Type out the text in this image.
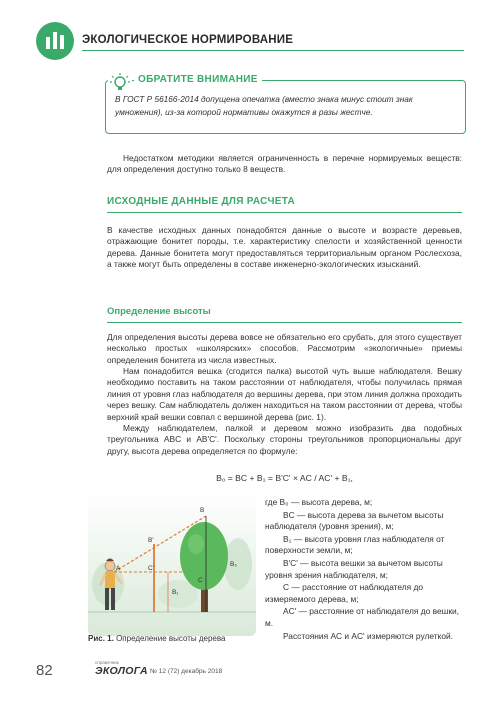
ЭКОЛОГИЧЕСКОЕ НОРМИРОВАНИЕ
ОБРАТИТЕ ВНИМАНИЕ
В ГОСТ Р 56166-2014 допущена опечатка (вместо знака минус стоит знак умножения), из-за которой нормативы окажутся в разы жестче.
Недостатком методики является ограниченность в перечне нормируемых веществ: для определения доступно только 8 веществ.
ИСХОДНЫЕ ДАННЫЕ ДЛЯ РАСЧЕТА
В качестве исходных данных понадобятся данные о высоте и возрасте деревьев, отражающие бонитет породы, т.е. характеристику спелости и хозяйственной ценности дерева. Данные бонитета могут предоставляться территориальным органом Рослесхоза, а также могут быть определены в составе инженерно-экологических изысканий.
Определение высоты
Для определения высоты дерева вовсе не обязательно его срубать, для этого существует несколько простых «школярских» способов. Рассмотрим «экологичные» приемы определения бонитета из числа известных.
Нам понадобится вешка (сгодится палка) высотой чуть выше наблюдателя. Вешку необходимо поставить на таком расстоянии от наблюдателя, чтобы получилась прямая линия от уровня глаз наблюдателя до вершины дерева, при этом линия должна проходить через вешку. Сам наблюдатель должен находиться на таком расстоянии от дерева, чтобы верхний край вешки совпал с вершиной дерева (рис. 1).
Между наблюдателем, палкой и деревом можно изобразить два подобных треугольника ABC и AB'C'. Поскольку стороны треугольников пропорциональны друг другу, высота дерева определяется по формуле:
B₀ = BC + B₁ = B'C' × AC / AC' + B₁,
A
B
B'
C
C'
B₀
B₁
Рис. 1. Определение высоты дерева
где B₀ — высота дерева, м;
BC — высота дерева за вычетом высоты наблюдателя (уровня зрения), м;
B₁ — высота уровня глаз наблюдателя от поверхности земли, м;
B'C' — высота вешки за вычетом высоты уровня зрения наблюдателя, м;
C — расстояние от наблюдателя до измеряемого дерева, м;
AC' — расстояние от наблюдателя до вешки, м.
Расстояния AC и AC' измеряются рулеткой.
82	справочник
ЭКОЛОГА № 12 (72) декабрь 2018
